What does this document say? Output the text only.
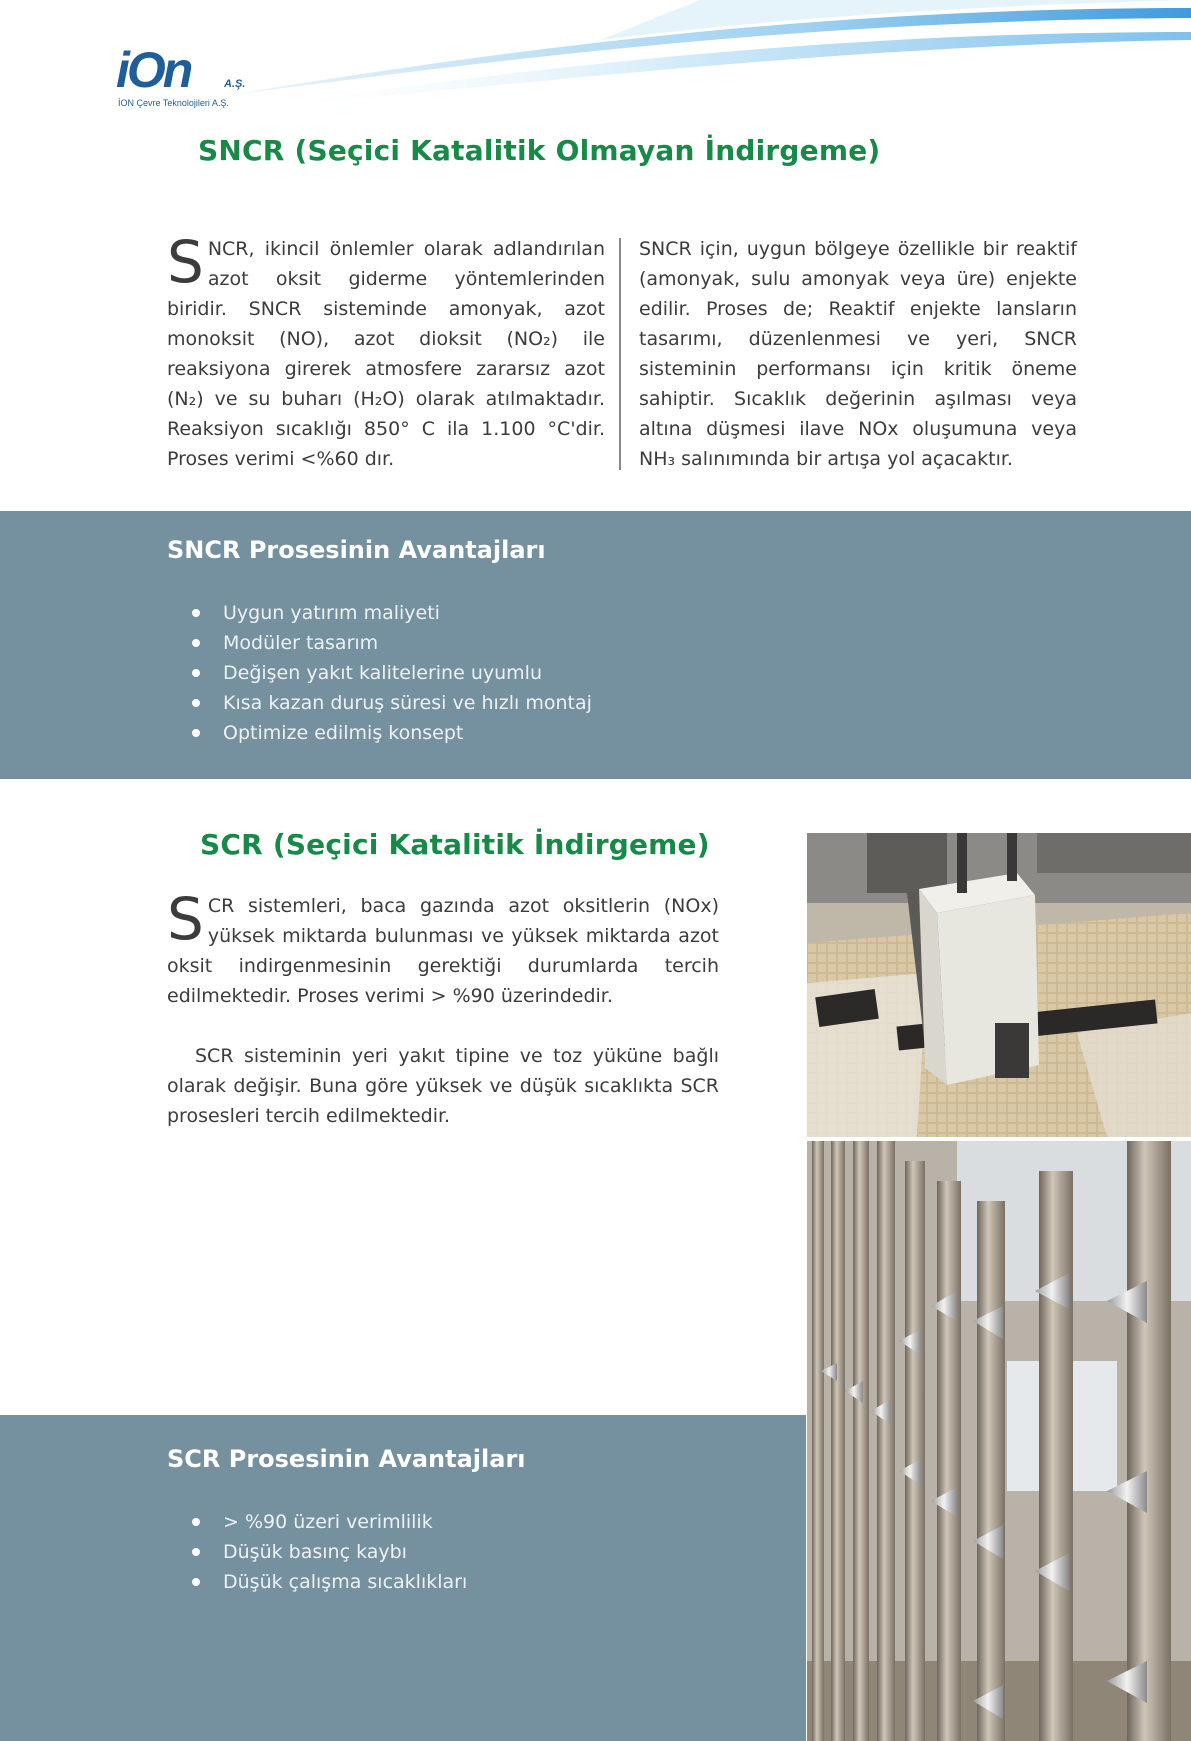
iOn	A.Ş.
İON Çevre Teknolojileri A.Ş.
SNCR (Seçici Katalitik Olmayan İndirgeme)

SNCR, ikincil önlemler olarak adlandırılan azot oksit giderme yöntemlerinden biridir. SNCR sisteminde amonyak, azot monoksit (NO), azot dioksit (NO₂) ile reaksiyona girerek atmosfere zararsız azot (N₂) ve su buharı (H₂O) olarak atılmaktadır. Reaksiyon sıcaklığı 850° C ila 1.100 °C'dir. Proses verimi <%60 dır.

SNCR için, uygun bölgeye özellikle bir reaktif (amonyak, sulu amonyak veya üre) enjekte edilir. Proses de; Reaktif enjekte lansların tasarımı, düzenlenmesi ve yeri, SNCR sisteminin performansı için kritik öneme sahiptir. Sıcaklık değerinin aşılması veya altına düşmesi ilave NOx oluşumuna veya NH₃ salınımında bir artışa yol açacaktır.

SNCR Prosesinin Avantajları
Uygun yatırım maliyeti
Modüler tasarım
Değişen yakıt kalitelerine uyumlu
Kısa kazan duruş süresi ve hızlı montaj
Optimize edilmiş konsept
SCR (Seçici Katalitik İndirgeme)

SCR sistemleri, baca gazında azot oksitlerin (NOx) yüksek miktarda bulunması ve yüksek miktarda azot oksit indirgenmesinin gerektiği durumlarda tercih edilmektedir. Proses verimi > %90 üzerindedir.

SCR sisteminin yeri yakıt tipine ve toz yüküne bağlı olarak değişir. Buna göre yüksek ve düşük sıcaklıkta SCR prosesleri tercih edilmektedir.

SCR Prosesinin Avantajları
> %90 üzeri verimlilik
Düşük basınç kaybı
Düşük çalışma sıcaklıkları
